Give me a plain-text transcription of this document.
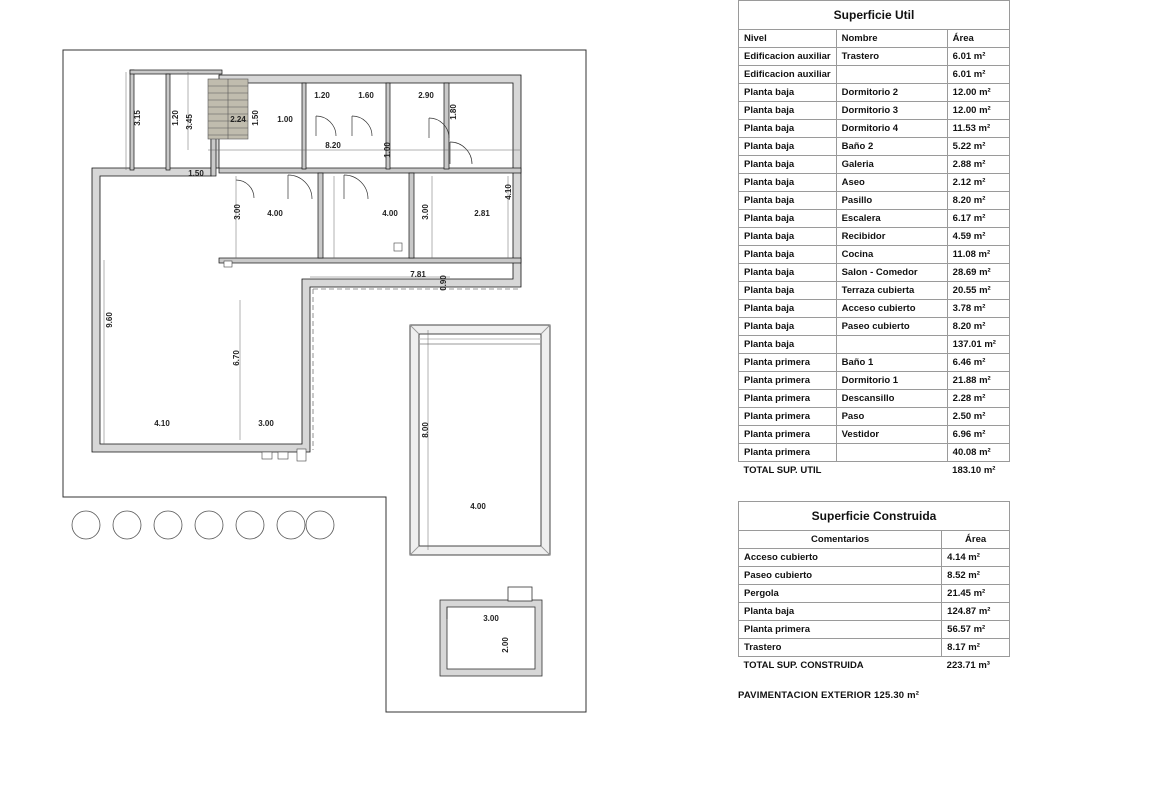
3.15	1.20 3.45	2.24 1.50 1.00
1.20	1.60	2.90
1.80
1.00
8.20
1.50
3.00	4.00	4.00	3.00	2.81
4.10
7.81
0.90
9.60
6.70
4.10	3.00	8.00
4.00
3.00
2.00
Superficie Util		
Nivel	Nombre	Área
Edificacion auxiliar	Trastero	6.01 m²
Edificacion auxiliar		6.01 m²
Planta baja	Dormitorio 2	12.00 m²
Planta baja	Dormitorio 3	12.00 m²
Planta baja	Dormitorio 4	11.53 m²
Planta baja	Baño 2	5.22 m²
Planta baja	Galeria	2.88 m²
Planta baja	Aseo	2.12 m²
Planta baja	Pasillo	8.20 m²
Planta baja	Escalera	6.17 m²
Planta baja	Recibidor	4.59 m²
Planta baja	Cocina	11.08 m²
Planta baja	Salon - Comedor	28.69 m²
Planta baja	Terraza cubierta	20.55 m²
Planta baja	Acceso cubierto	3.78 m²
Planta baja	Paseo cubierto	8.20 m²
Planta baja		137.01 m²
Planta primera	Baño 1	6.46 m²
Planta primera	Dormitorio 1	21.88 m²
Planta primera	Descansillo	2.28 m²
Planta primera	Paso	2.50 m²
Planta primera	Vestidor	6.96 m²
Planta primera		40.08 m²
TOTAL SUP. UTIL		183.10 m²
Superficie Construida	
Comentarios	Área
Acceso cubierto	4.14 m²
Paseo cubierto	8.52 m²
Pergola	21.45 m²
Planta baja	124.87 m²
Planta primera	56.57 m²
Trastero	8.17 m²
TOTAL SUP. CONSTRUIDA	223.71 m³
PAVIMENTACION EXTERIOR 125.30 m²
